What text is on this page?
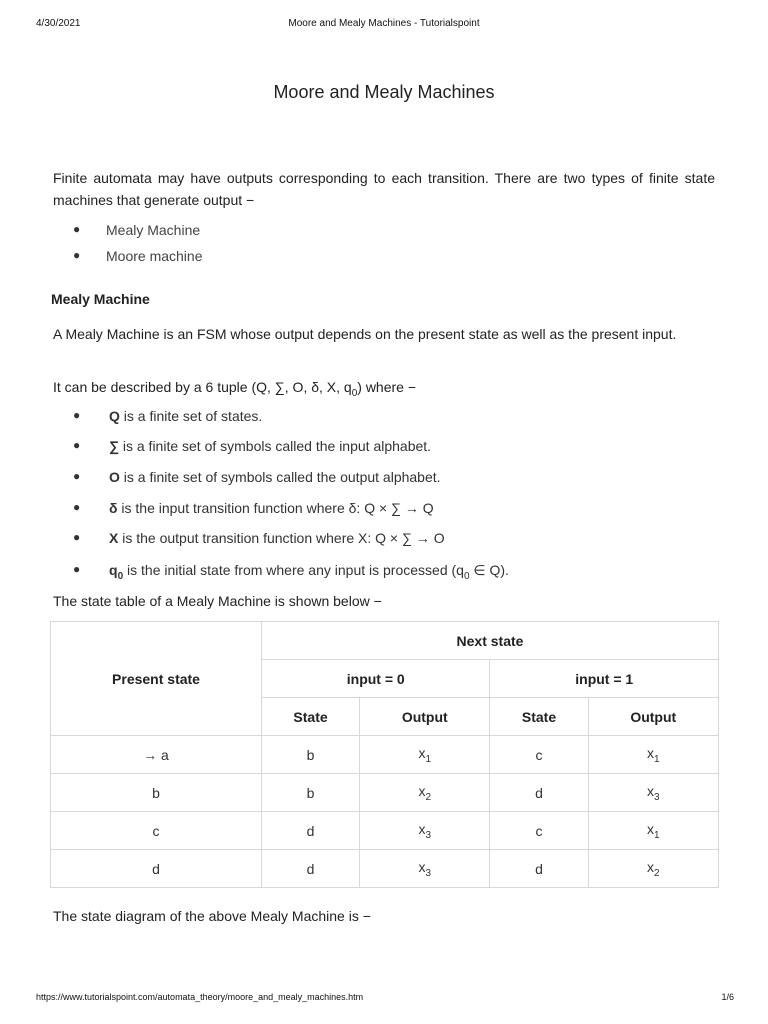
4/30/2021	Moore and Mealy Machines - Tutorialspoint
Moore and Mealy Machines

Finite automata may have outputs corresponding to each transition. There are two types of finite state machines that generate output −

● Mealy Machine
● Moore machine
Mealy Machine

A Mealy Machine is an FSM whose output depends on the present state as well as the present input.

It can be described by a 6 tuple (Q, ∑, O, δ, X, $q_0$) where −

● Q is a finite set of states.
● ∑ is a finite set of symbols called the input alphabet.
● O is a finite set of symbols called the output alphabet.
● δ is the input transition function where δ: Q × ∑ → Q
● X is the output transition function where X: Q × ∑ → O
● $q_0$ is the initial state from where any input is processed ($q_0$ ∈ Q).

The state table of a Mealy Machine is shown below −

Present state	Next state			
	input = 0		input = 1	
	State	Output	State	Output
→ a	b	$x_1$	c	$x_1$
b	b	$x_2$	d	$x_3$
c	d	$x_3$	c	$x_1$
d	d	$x_3$	d	$x_2$

The state diagram of the above Mealy Machine is −

https://www.tutorialspoint.com/automata_theory/moore_and_mealy_machines.htm	1/6
